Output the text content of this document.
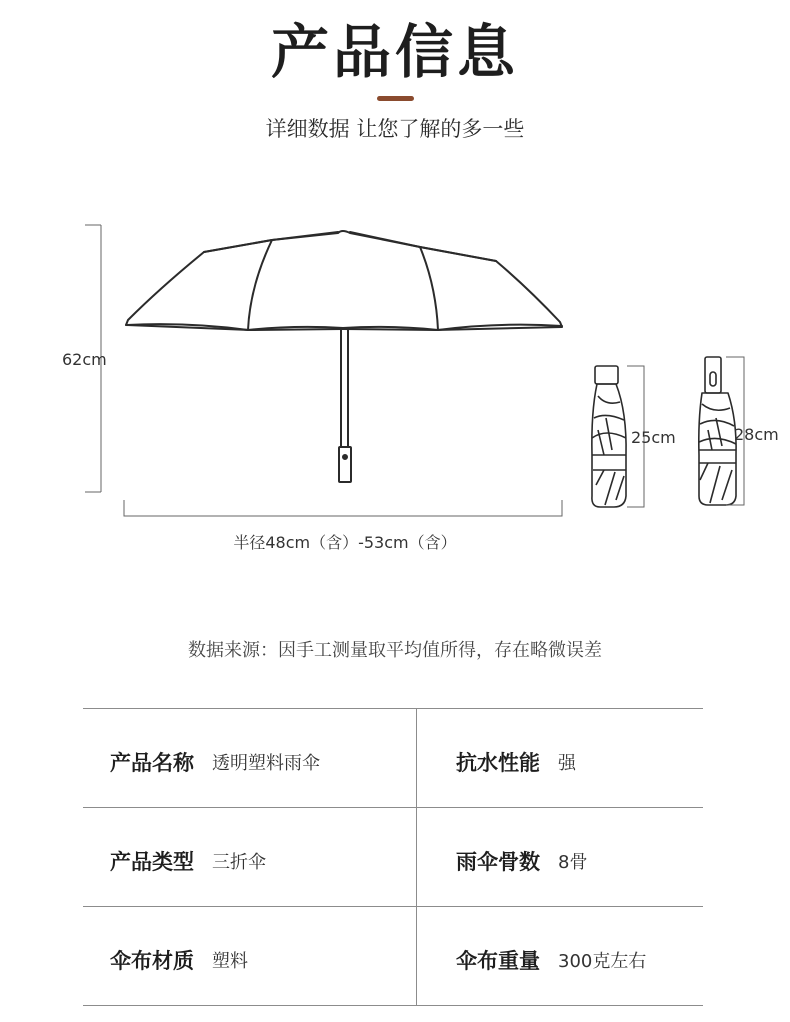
产品信息
详细数据 让您了解的多一些
62cm
半径48cm（含）-53cm（含）
25cm	28cm
数据来源：因手工测量取平均值所得，存在略微误差
产品名称 透明塑料雨伞	抗水性能 强
产品类型 三折伞	雨伞骨数 8骨
伞布材质 塑料	伞布重量 300克左右
